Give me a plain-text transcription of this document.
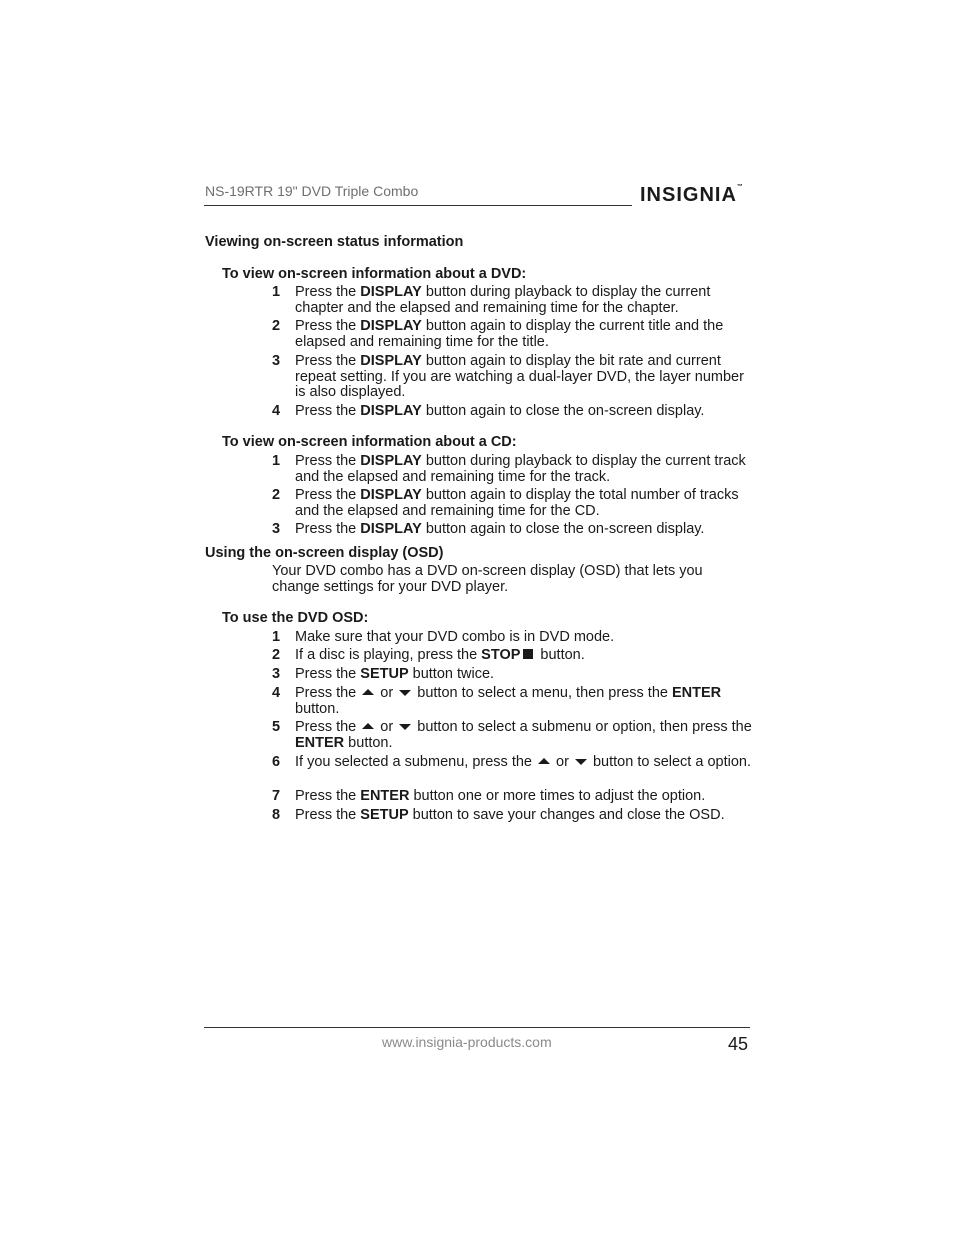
NS-19RTR 19" DVD Triple Combo	INSIGNIA™
Viewing on-screen status information
To view on-screen information about a DVD:
1	Press the DISPLAY button during playback to display the current chapter and the elapsed and remaining time for the chapter.
2	Press the DISPLAY button again to display the current title and the elapsed and remaining time for the title.
3	Press the DISPLAY button again to display the bit rate and current repeat setting. If you are watching a dual-layer DVD, the layer number is also displayed.
4	Press the DISPLAY button again to close the on-screen display.
To view on-screen information about a CD:
1	Press the DISPLAY button during playback to display the current track and the elapsed and remaining time for the track.
2	Press the DISPLAY button again to display the total number of tracks and the elapsed and remaining time for the CD.
3	Press the DISPLAY button again to close the on-screen display.
Using the on-screen display (OSD)
Your DVD combo has a DVD on-screen display (OSD) that lets you change settings for your DVD player.
To use the DVD OSD:
1	Make sure that your DVD combo is in DVD mode.
2	If a disc is playing, press the STOP button.
3	Press the SETUP button twice.
4	Press the  or  button to select a menu, then press the ENTER button.
5	Press the  or  button to select a submenu or option, then press the ENTER button.
6	If you selected a submenu, press the  or  button to select a option.
7	Press the ENTER button one or more times to adjust the option.
8	Press the SETUP button to save your changes and close the OSD.
www.insignia-products.com	45
